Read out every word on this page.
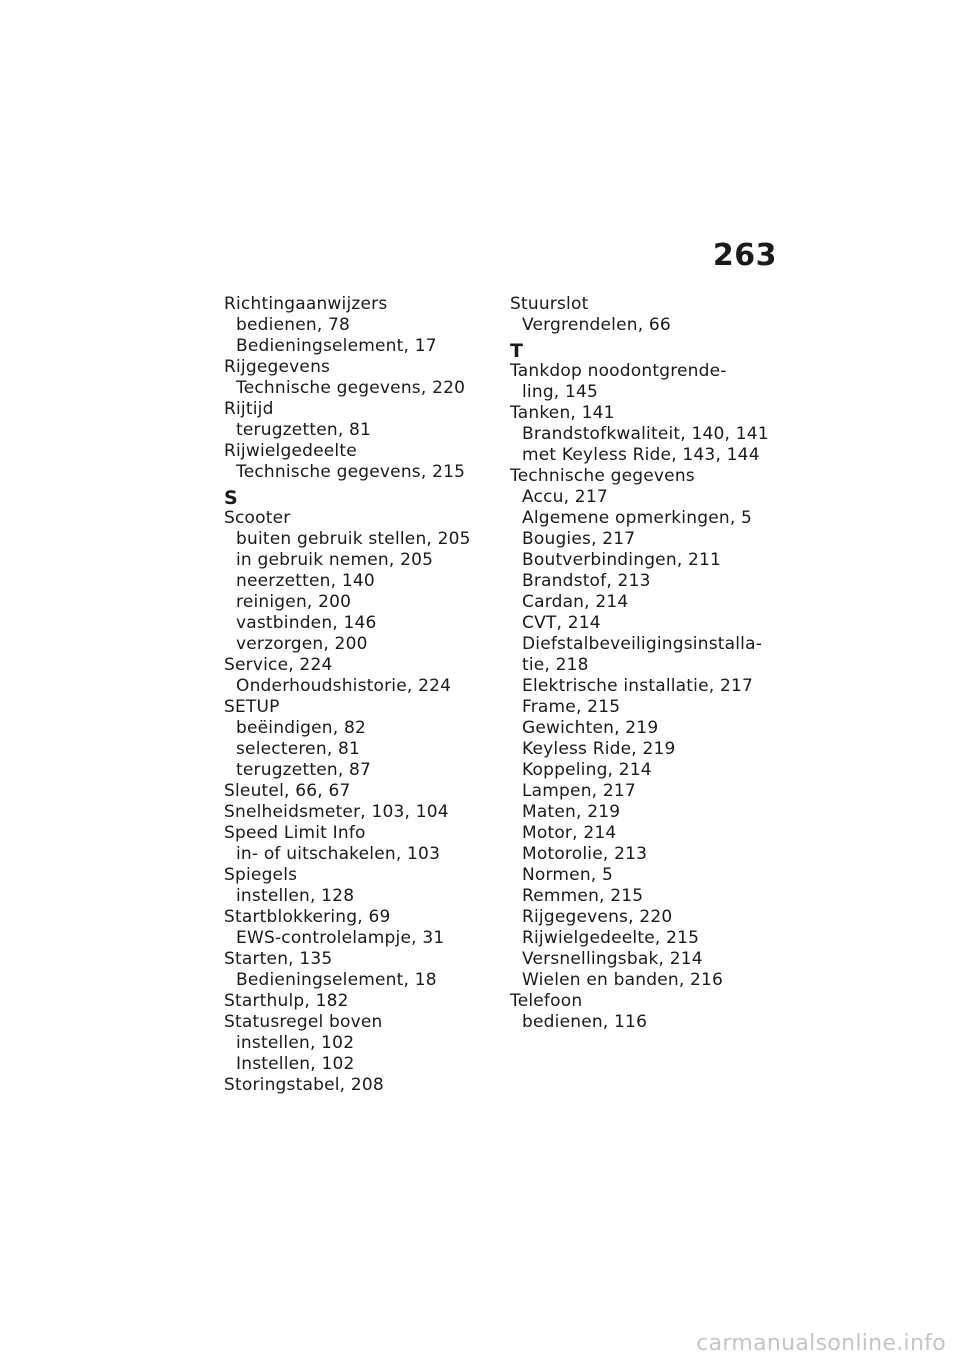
263
Richtingaanwijzers
bedienen, 78
Bedieningselement, 17
Rijgegevens
Technische gegevens, 220
Rijtijd
terugzetten, 81
Rijwielgedeelte
Technische gegevens, 215
S
Scooter
buiten gebruik stellen, 205
in gebruik nemen, 205
neerzetten, 140
reinigen, 200
vastbinden, 146
verzorgen, 200
Service, 224
Onderhoudshistorie, 224
SETUP
beëindigen, 82
selecteren, 81
terugzetten, 87
Sleutel, 66, 67
Snelheidsmeter, 103, 104
Speed Limit Info
in- of uitschakelen, 103
Spiegels
instellen, 128
Startblokkering, 69
EWS-controlelampje, 31
Starten, 135
Bedieningselement, 18
Starthulp, 182
Statusregel boven
instellen, 102
Instellen, 102
Storingstabel, 208
Stuurslot
Vergrendelen, 66
T
Tankdop noodontgrende-
ling, 145
Tanken, 141
Brandstofkwaliteit, 140, 141
met Keyless Ride, 143, 144
Technische gegevens
Accu, 217
Algemene opmerkingen, 5
Bougies, 217
Boutverbindingen, 211
Brandstof, 213
Cardan, 214
CVT, 214
Diefstalbeveiligingsinstalla-
tie, 218
Elektrische installatie, 217
Frame, 215
Gewichten, 219
Keyless Ride, 219
Koppeling, 214
Lampen, 217
Maten, 219
Motor, 214
Motorolie, 213
Normen, 5
Remmen, 215
Rijgegevens, 220
Rijwielgedeelte, 215
Versnellingsbak, 214
Wielen en banden, 216
Telefoon
bedienen, 116
carmanualsonline.info
